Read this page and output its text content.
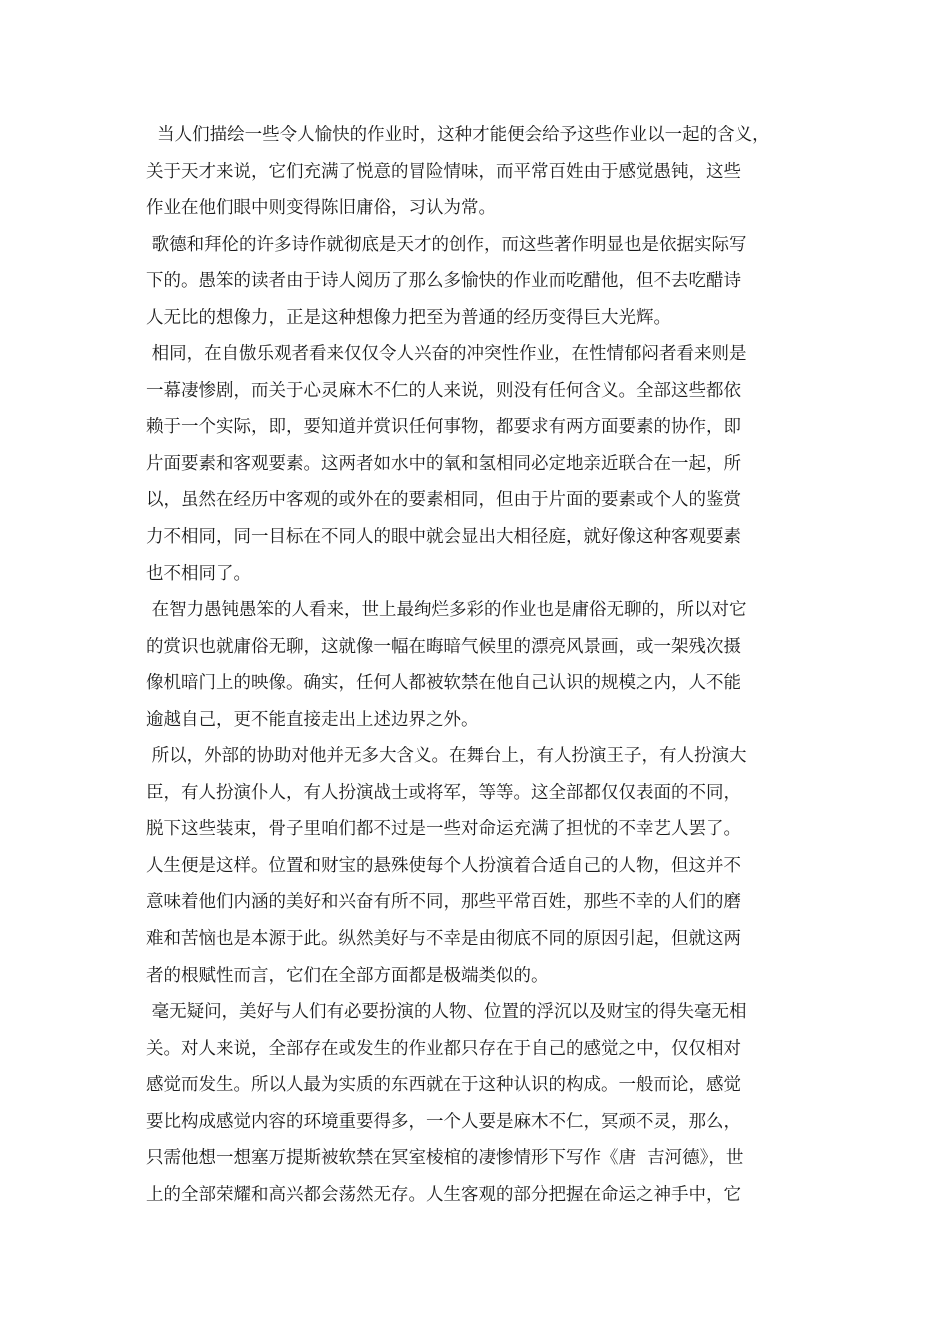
当人们描绘一些令人愉快的作业时，这种才能便会给予这些作业以一起的含义，
关于天才来说，它们充满了悦意的冒险情味，而平常百姓由于感觉愚钝，这些
作业在他们眼中则变得陈旧庸俗，习认为常。
歌德和拜伦的许多诗作就彻底是天才的创作，而这些著作明显也是依据实际写
下的。愚笨的读者由于诗人阅历了那么多愉快的作业而吃醋他，但不去吃醋诗
人无比的想像力，正是这种想像力把至为普通的经历变得巨大光辉。
相同，在自傲乐观者看来仅仅令人兴奋的冲突性作业，在性情郁闷者看来则是
一幕凄惨剧，而关于心灵麻木不仁的人来说，则没有任何含义。全部这些都依
赖于一个实际，即，要知道并赏识任何事物，都要求有两方面要素的协作，即
片面要素和客观要素。这两者如水中的氧和氢相同必定地亲近联合在一起，所
以，虽然在经历中客观的或外在的要素相同，但由于片面的要素或个人的鉴赏
力不相同，同一目标在不同人的眼中就会显出大相径庭，就好像这种客观要素
也不相同了。
在智力愚钝愚笨的人看来，世上最绚烂多彩的作业也是庸俗无聊的，所以对它
的赏识也就庸俗无聊，这就像一幅在晦暗气候里的漂亮风景画，或一架残次摄
像机暗门上的映像。确实，任何人都被软禁在他自己认识的规模之内，人不能
逾越自己，更不能直接走出上述边界之外。
所以，外部的协助对他并无多大含义。在舞台上，有人扮演王子，有人扮演大
臣，有人扮演仆人，有人扮演战士或将军，等等。这全部都仅仅表面的不同，
脱下这些装束，骨子里咱们都不过是一些对命运充满了担忧的不幸艺人罢了。
人生便是这样。位置和财宝的悬殊使每个人扮演着合适自己的人物，但这并不
意味着他们内涵的美好和兴奋有所不同，那些平常百姓，那些不幸的人们的磨
难和苦恼也是本源于此。纵然美好与不幸是由彻底不同的原因引起，但就这两
者的根赋性而言，它们在全部方面都是极端类似的。
毫无疑问，美好与人们有必要扮演的人物、位置的浮沉以及财宝的得失毫无相
关。对人来说，全部存在或发生的作业都只存在于自己的感觉之中，仅仅相对
感觉而发生。所以人最为实质的东西就在于这种认识的构成。一般而论，感觉
要比构成感觉内容的环境重要得多，一个人要是麻木不仁，冥顽不灵，那么，
只需他想一想塞万提斯被软禁在冥室棱棺的凄惨情形下写作《唐  吉河德》，世
上的全部荣耀和高兴都会荡然无存。人生客观的部分把握在命运之神手中，它
